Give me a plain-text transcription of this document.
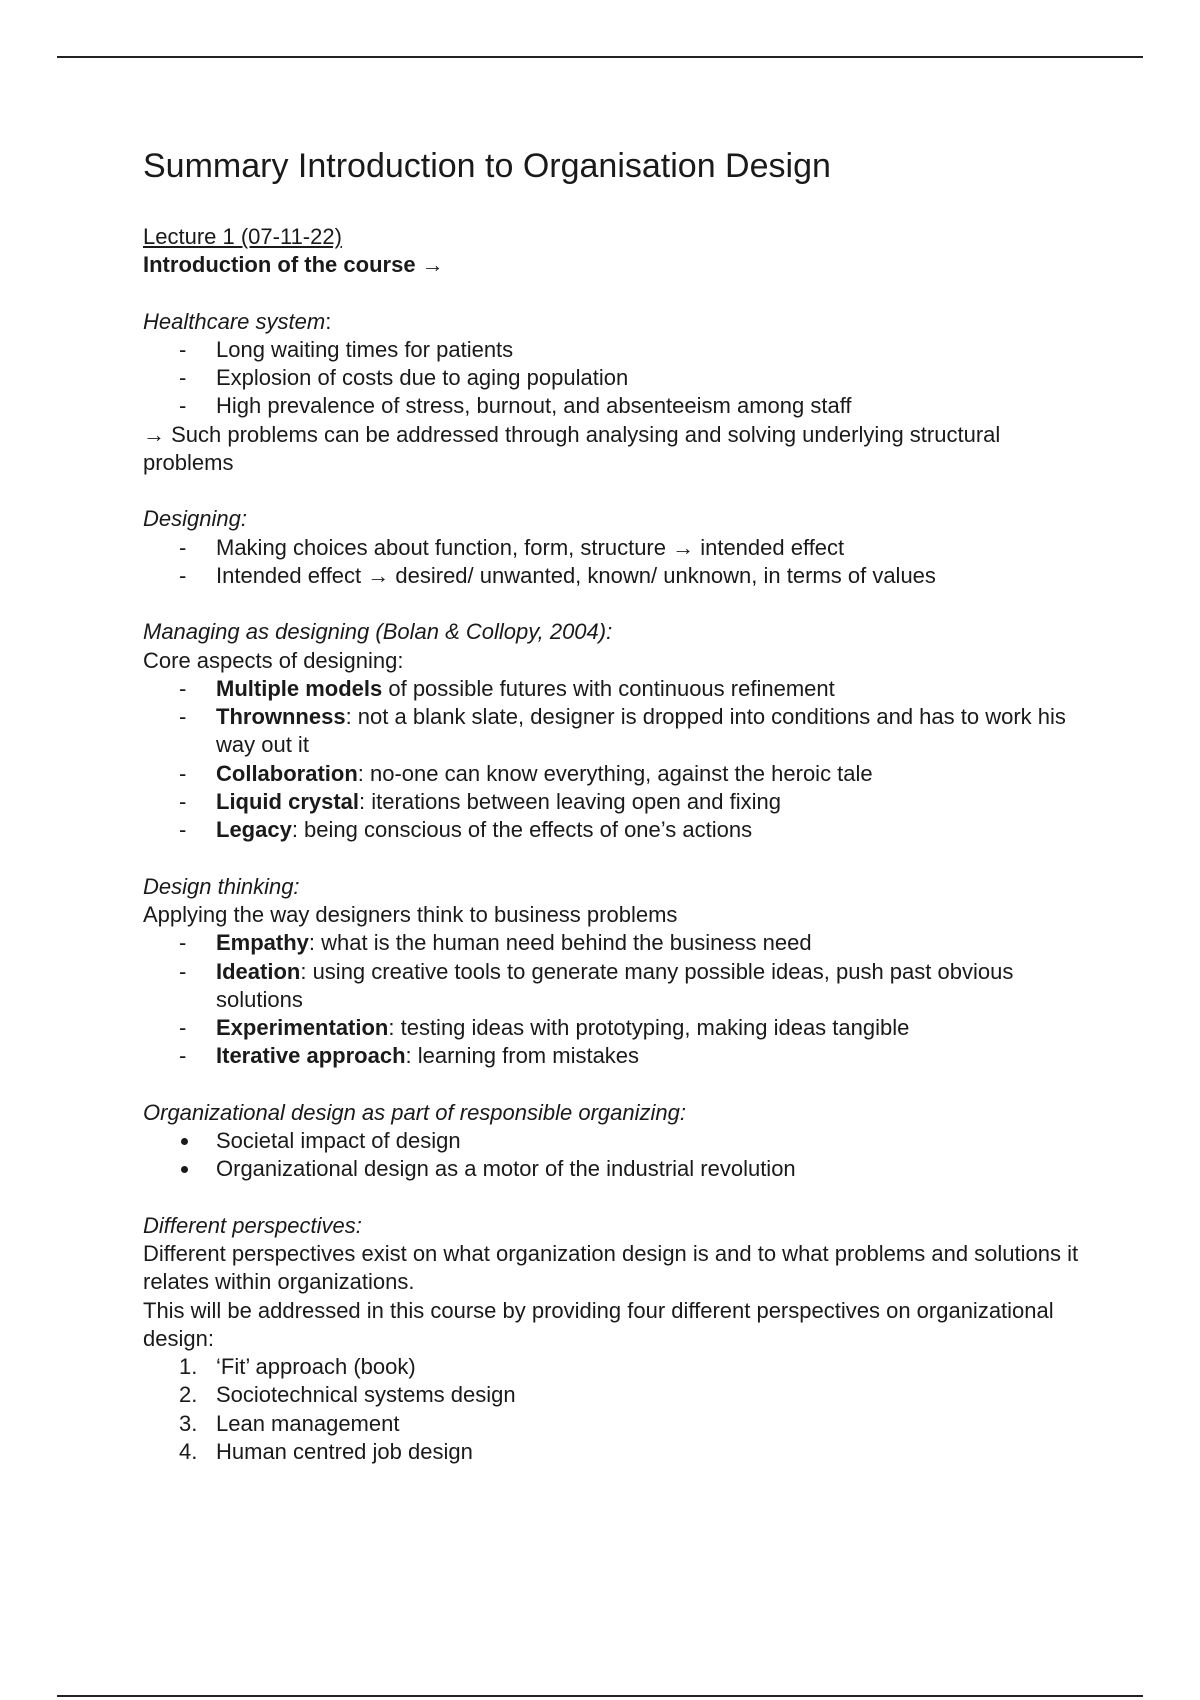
Summary Introduction to Organisation Design
Lecture 1 (07-11-22)
Introduction of the course →
Healthcare system:
- Long waiting times for patients
- Explosion of costs due to aging population
- High prevalence of stress, burnout, and absenteeism among staff
→ Such problems can be addressed through analysing and solving underlying structural problems
Designing:
- Making choices about function, form, structure → intended effect
- Intended effect → desired/ unwanted, known/ unknown, in terms of values
Managing as designing (Bolan & Collopy, 2004):
Core aspects of designing:
- Multiple models of possible futures with continuous refinement
- Thrownness: not a blank slate, designer is dropped into conditions and has to work his way out it
- Collaboration: no-one can know everything, against the heroic tale
- Liquid crystal: iterations between leaving open and fixing
- Legacy: being conscious of the effects of one’s actions
Design thinking:
Applying the way designers think to business problems
- Empathy: what is the human need behind the business need
- Ideation: using creative tools to generate many possible ideas, push past obvious solutions
- Experimentation: testing ideas with prototyping, making ideas tangible
- Iterative approach: learning from mistakes
Organizational design as part of responsible organizing:
Societal impact of design
Organizational design as a motor of the industrial revolution
Different perspectives:
Different perspectives exist on what organization design is and to what problems and solutions it relates within organizations.
This will be addressed in this course by providing four different perspectives on organizational design:
1. ‘Fit’ approach (book)
2. Sociotechnical systems design
3. Lean management
4. Human centred job design
